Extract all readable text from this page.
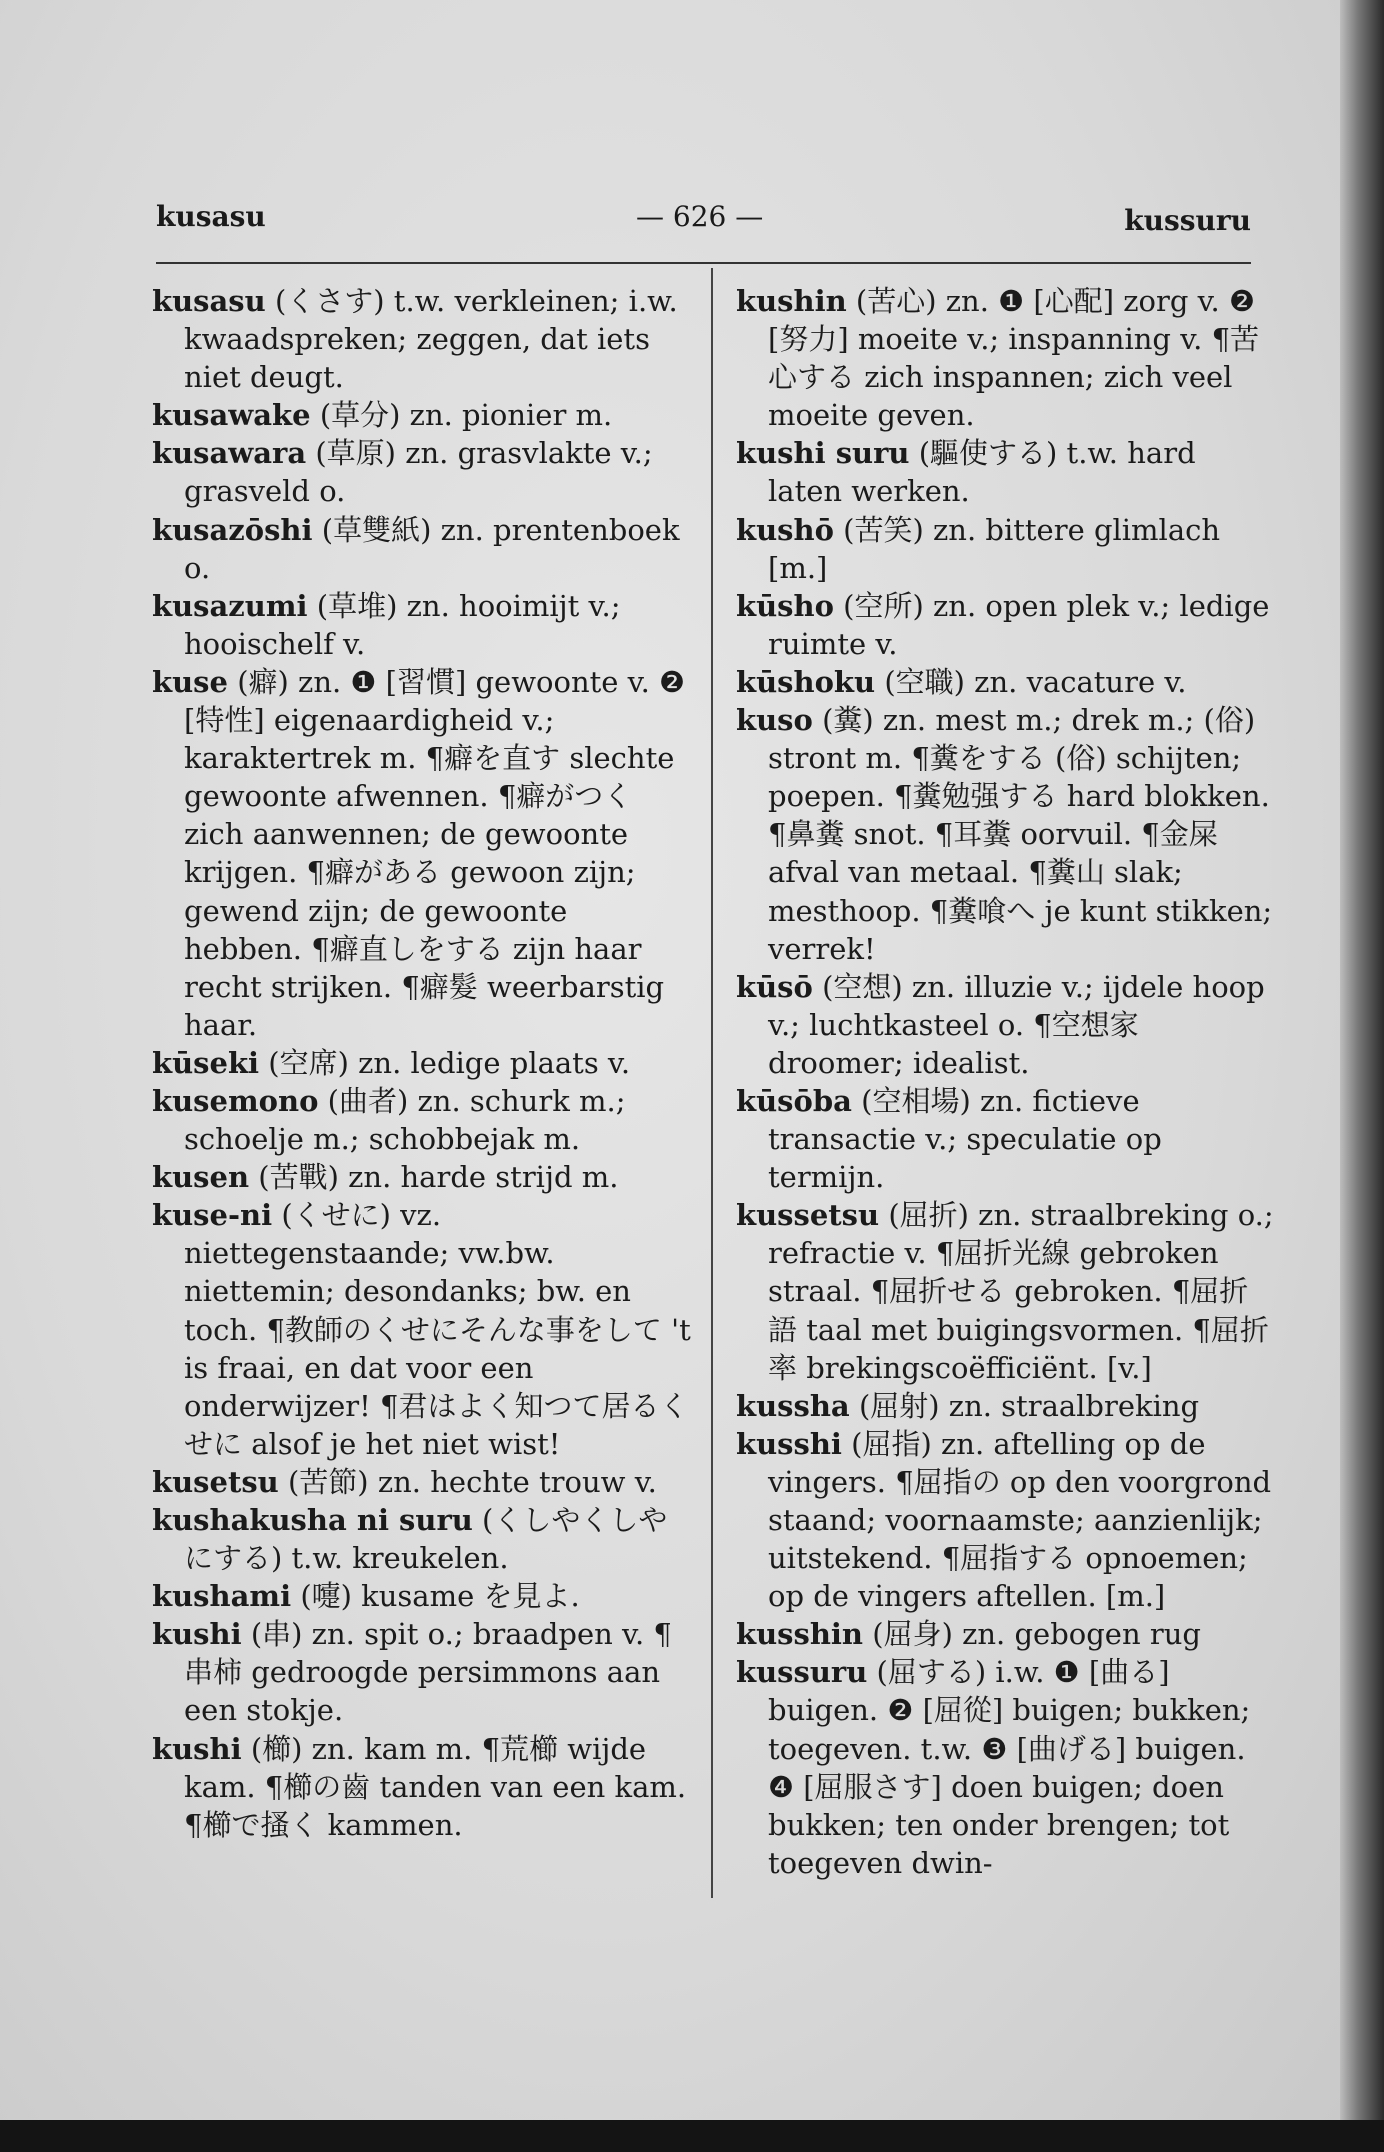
kusasu	— 626 —	kussuru

kusasu (くさす) t.w. verkleinen; i.w. kwaadspreken; zeggen, dat iets niet deugt.

kusawake (草分) zn. pionier m.

kusawara (草原) zn. grasvlakte v.; grasveld o.

kusazōshi (草雙紙) zn. prentenboek o.

kusazumi (草堆) zn. hooimijt v.; hooischelf v.

kuse (癖) zn. ❶ [習慣] gewoonte v. ❷ [特性] eigenaardigheid v.; karaktertrek m. ¶癖を直す slechte gewoonte afwennen. ¶癖がつく zich aanwennen; de gewoonte krijgen. ¶癖がある gewoon zijn; gewend zijn; de gewoonte hebben. ¶癖直しをする zijn haar recht strijken. ¶癖髮 weerbarstig haar.

kūseki (空席) zn. ledige plaats v.

kusemono (曲者) zn. schurk m.; schoelje m.; schobbejak m.

kusen (苦戰) zn. harde strijd m.

kuse-ni (くせに) vz. niettegenstaande; vw.bw. niettemin; desondanks; bw. en toch. ¶教師のくせにそんな事をして 't is fraai, en dat voor een onderwijzer! ¶君はよく知つて居るくせに alsof je het niet wist!

kusetsu (苦節) zn. hechte trouw v.

kushakusha ni suru (くしやくしやにする) t.w. kreukelen.

kushami (嚏) kusame を見よ.

kushi (串) zn. spit o.; braadpen v. ¶串柿 gedroogde persimmons aan een stokje.

kushi (櫛) zn. kam m. ¶荒櫛 wijde kam. ¶櫛の齒 tanden van een kam. ¶櫛で搔く kammen.

kushin (苦心) zn. ❶ [心配] zorg v. ❷ [努力] moeite v.; inspanning v. ¶苦心する zich inspannen; zich veel moeite geven.

kushi suru (驅使する) t.w. hard laten werken.

kushō (苦笑) zn. bittere glimlach [m.]

kūsho (空所) zn. open plek v.; ledige ruimte v.

kūshoku (空職) zn. vacature v.

kuso (糞) zn. mest m.; drek m.; (俗) stront m. ¶糞をする (俗) schijten; poepen. ¶糞勉强する hard blokken. ¶鼻糞 snot. ¶耳糞 oorvuil. ¶金屎 afval van metaal. ¶糞山 slak; mesthoop. ¶糞喰へ je kunt stikken; verrek!

kūsō (空想) zn. illuzie v.; ijdele hoop v.; luchtkasteel o. ¶空想家 droomer; idealist.

kūsōba (空相場) zn. fictieve transactie v.; speculatie op termijn.

kussetsu (屈折) zn. straalbreking o.; refractie v. ¶屈折光線 gebroken straal. ¶屈折せる gebroken. ¶屈折語 taal met buigingsvormen. ¶屈折率 brekingscoëfficiënt. [v.]

kussha (屈射) zn. straalbreking

kusshi (屈指) zn. aftelling op de vingers. ¶屈指の op den voorgrond staand; voornaamste; aanzienlijk; uitstekend. ¶屈指する opnoemen; op de vingers aftellen. [m.]

kusshin (屈身) zn. gebogen rug

kussuru (屈する) i.w. ❶ [曲る] buigen. ❷ [屈從] buigen; bukken; toegeven. t.w. ❸ [曲げる] buigen. ❹ [屈服さす] doen buigen; doen bukken; ten onder brengen; tot toegeven dwin-
